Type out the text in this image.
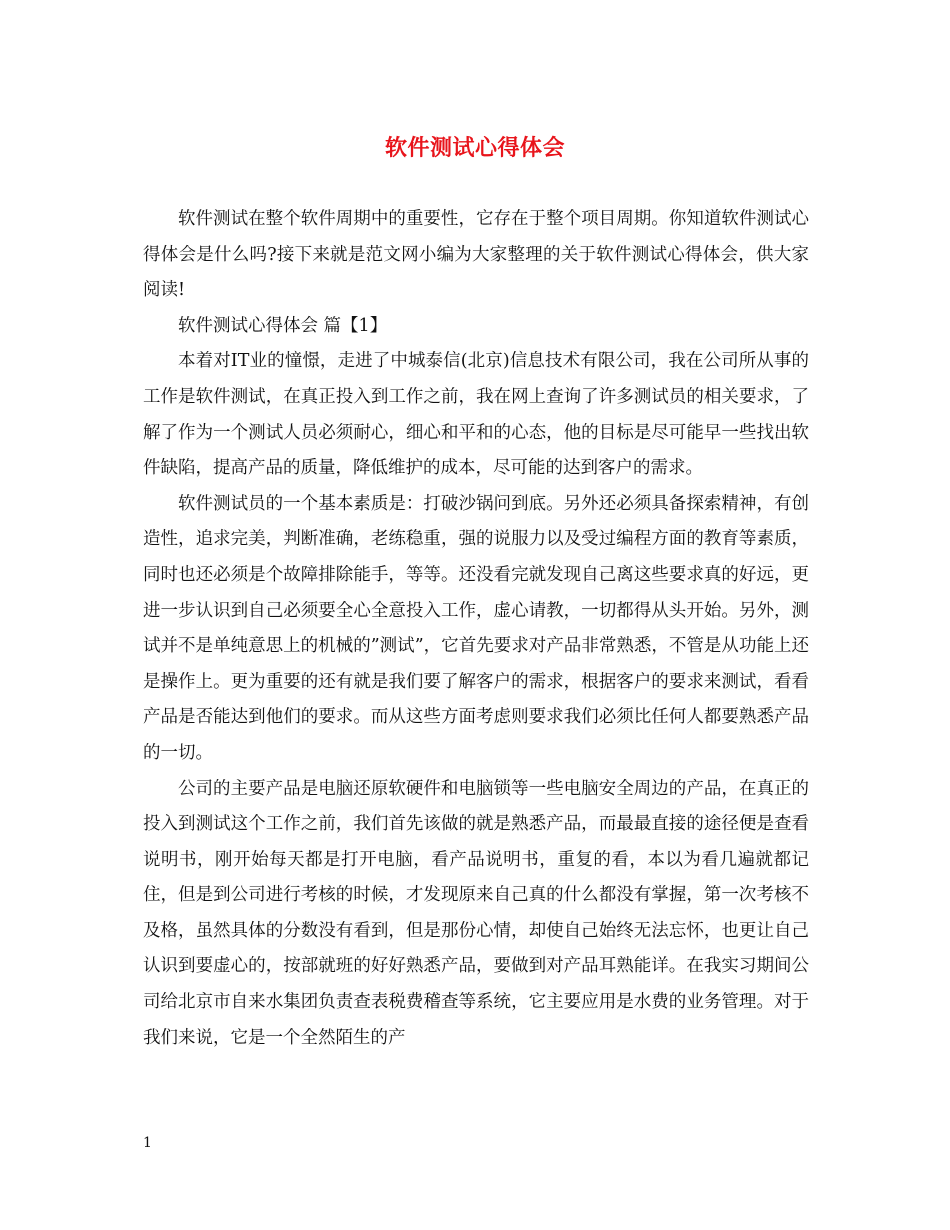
软件测试心得体会

软件测试在整个软件周期中的重要性，它存在于整个项目周期。你知道软件测试心得体会是什么吗?接下来就是范文网小编为大家整理的关于软件测试心得体会，供大家阅读!

软件测试心得体会 篇【1】

本着对IT业的憧憬，走进了中城泰信(北京)信息技术有限公司，我在公司所从事的工作是软件测试，在真正投入到工作之前，我在网上查询了许多测试员的相关要求，了解了作为一个测试人员必须耐心，细心和平和的心态，他的目标是尽可能早一些找出软件缺陷，提高产品的质量，降低维护的成本，尽可能的达到客户的需求。

软件测试员的一个基本素质是：打破沙锅问到底。另外还必须具备探索精神，有创造性，追求完美，判断准确，老练稳重，强的说服力以及受过编程方面的教育等素质，同时也还必须是个故障排除能手，等等。还没看完就发现自己离这些要求真的好远，更进一步认识到自己必须要全心全意投入工作，虚心请教，一切都得从头开始。另外，测试并不是单纯意思上的机械的”测试”，它首先要求对产品非常熟悉，不管是从功能上还是操作上。更为重要的还有就是我们要了解客户的需求，根据客户的要求来测试，看看产品是否能达到他们的要求。而从这些方面考虑则要求我们必须比任何人都要熟悉产品的一切。

公司的主要产品是电脑还原软硬件和电脑锁等一些电脑安全周边的产品，在真正的投入到测试这个工作之前，我们首先该做的就是熟悉产品，而最最直接的途径便是查看说明书，刚开始每天都是打开电脑，看产品说明书，重复的看，本以为看几遍就都记住，但是到公司进行考核的时候，才发现原来自己真的什么都没有掌握，第一次考核不及格，虽然具体的分数没有看到，但是那份心情，却使自己始终无法忘怀，也更让自己认识到要虚心的，按部就班的好好熟悉产品，要做到对产品耳熟能详。在我实习期间公司给北京市自来水集团负责查表税费稽查等系统，它主要应用是水费的业务管理。对于我们来说，它是一个全然陌生的产

1
